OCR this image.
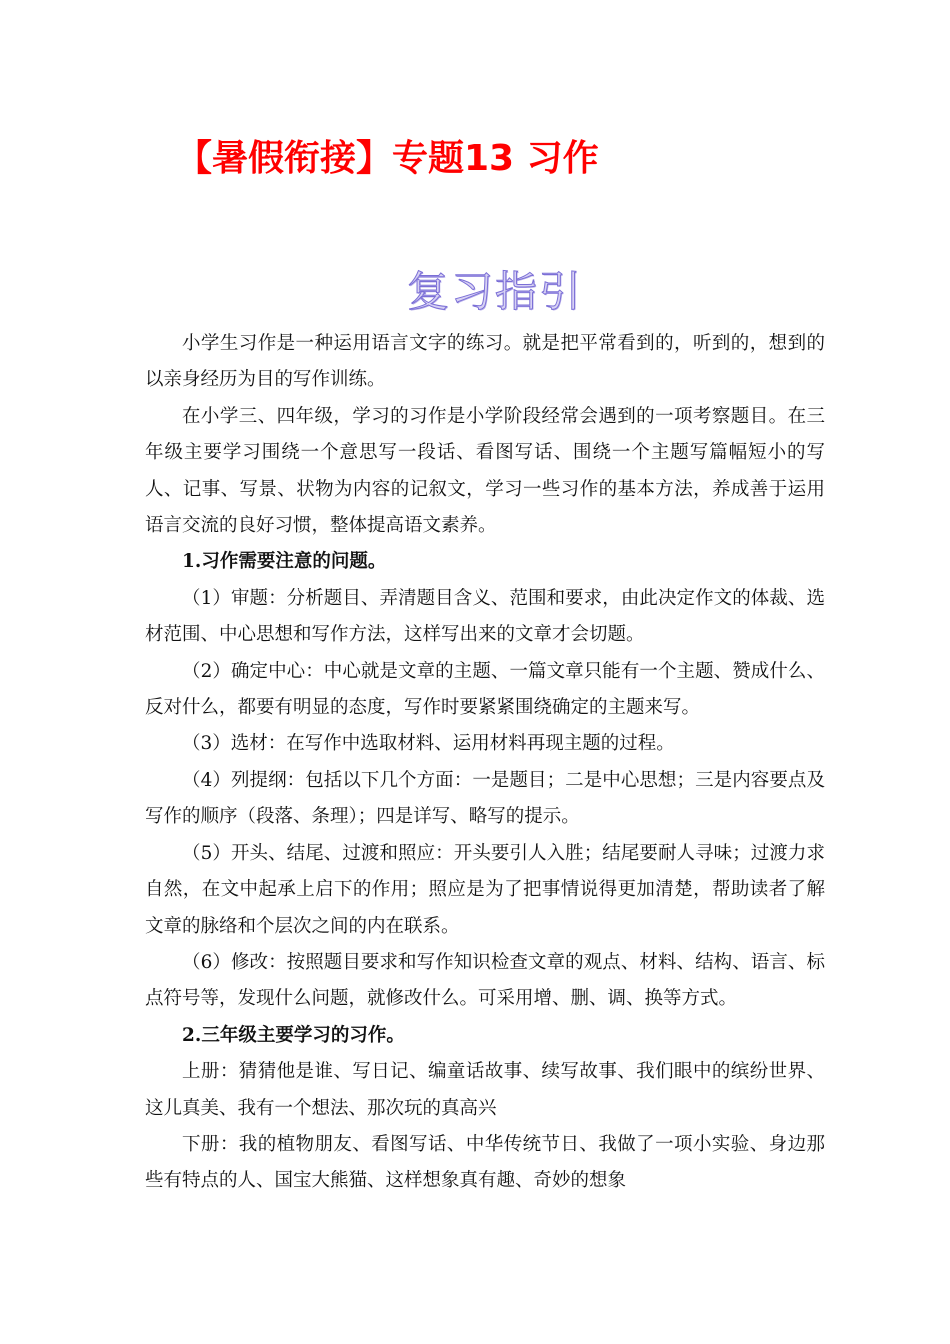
【暑假衔接】专题13 习作
复习指引

小学生习作是一种运用语言文字的练习。就是把平常看到的，听到的，想到的以亲身经历为目的写作训练。

在小学三、四年级，学习的习作是小学阶段经常会遇到的一项考察题目。在三年级主要学习围绕一个意思写一段话、看图写话、围绕一个主题写篇幅短小的写人、记事、写景、状物为内容的记叙文，学习一些习作的基本方法，养成善于运用语言交流的良好习惯，整体提高语文素养。

1.习作需要注意的问题。

（1）审题：分析题目、弄清题目含义、范围和要求，由此决定作文的体裁、选材范围、中心思想和写作方法，这样写出来的文章才会切题。

（2）确定中心：中心就是文章的主题、一篇文章只能有一个主题、赞成什么、反对什么，都要有明显的态度，写作时要紧紧围绕确定的主题来写。

（3）选材：在写作中选取材料、运用材料再现主题的过程。

（4）列提纲：包括以下几个方面：一是题目；二是中心思想；三是内容要点及写作的顺序（段落、条理）；四是详写、略写的提示。

（5）开头、结尾、过渡和照应：开头要引人入胜；结尾要耐人寻味；过渡力求自然，在文中起承上启下的作用；照应是为了把事情说得更加清楚，帮助读者了解文章的脉络和个层次之间的内在联系。

（6）修改：按照题目要求和写作知识检查文章的观点、材料、结构、语言、标点符号等，发现什么问题，就修改什么。可采用增、删、调、换等方式。

2.三年级主要学习的习作。

上册：猜猜他是谁、写日记、编童话故事、续写故事、我们眼中的缤纷世界、这儿真美、我有一个想法、那次玩的真高兴

下册：我的植物朋友、看图写话、中华传统节日、我做了一项小实验、身边那些有特点的人、国宝大熊猫、这样想象真有趣、奇妙的想象
